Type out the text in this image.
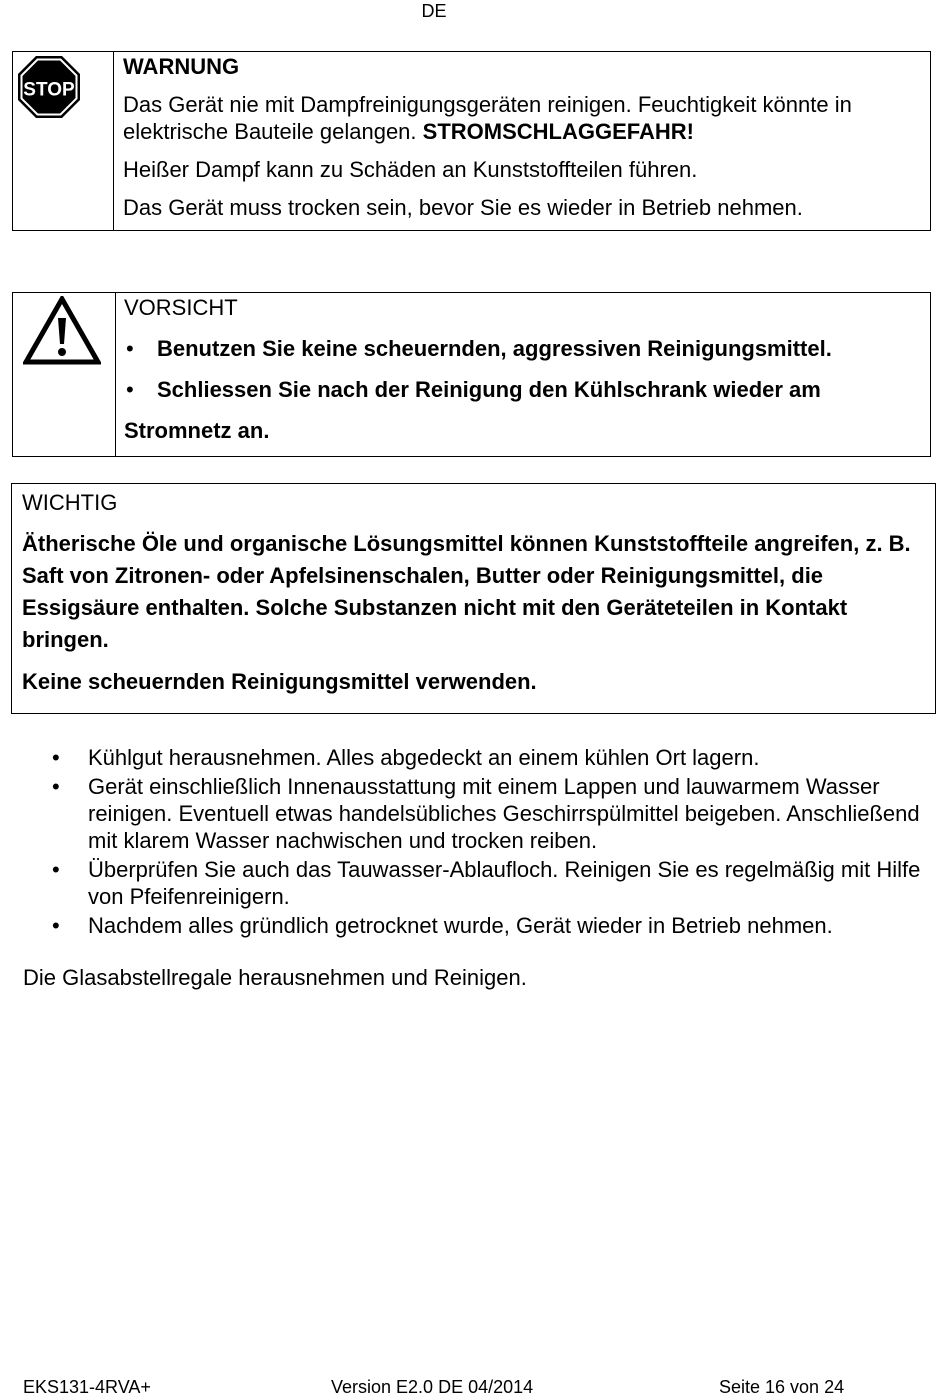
DE
STOP
WARNUNG

Das Gerät nie mit Dampfreinigungsgeräten reinigen. Feuchtigkeit könnte in elektrische Bauteile gelangen. STROMSCHLAGGEFAHR!

Heißer Dampf kann zu Schäden an Kunststoffteilen führen.

Das Gerät muss trocken sein, bevor Sie es wieder in Betrieb nehmen.

VORSICHT
•	Benutzen Sie keine scheuernden, aggressiven Reinigungsmittel.
•	Schliessen Sie nach der Reinigung den Kühlschrank wieder am
Stromnetz an.
WICHTIG

Ätherische Öle und organische Lösungsmittel können Kunststoffteile angreifen, z. B. Saft von Zitronen- oder Apfelsinenschalen, Butter oder Reinigungsmittel, die Essigsäure enthalten. Solche Substanzen nicht mit den Geräteteilen in Kontakt bringen.

Keine scheuernden Reinigungsmittel verwenden.

•	Kühlgut herausnehmen. Alles abgedeckt an einem kühlen Ort lagern.
•	Gerät einschließlich Innenausstattung mit einem Lappen und lauwarmem Wasser reinigen. Eventuell etwas handelsübliches Geschirrspülmittel beigeben. Anschließend mit klarem Wasser nachwischen und trocken reiben.
•	Überprüfen Sie auch das Tauwasser-Ablaufloch. Reinigen Sie es regelmäßig mit Hilfe von Pfeifenreinigern.
•	Nachdem alles gründlich getrocknet wurde, Gerät wieder in Betrieb nehmen.
Die Glasabstellregale herausnehmen und Reinigen.
EKS131-4RVA+	Version E2.0 DE 04/2014	Seite 16 von 24
